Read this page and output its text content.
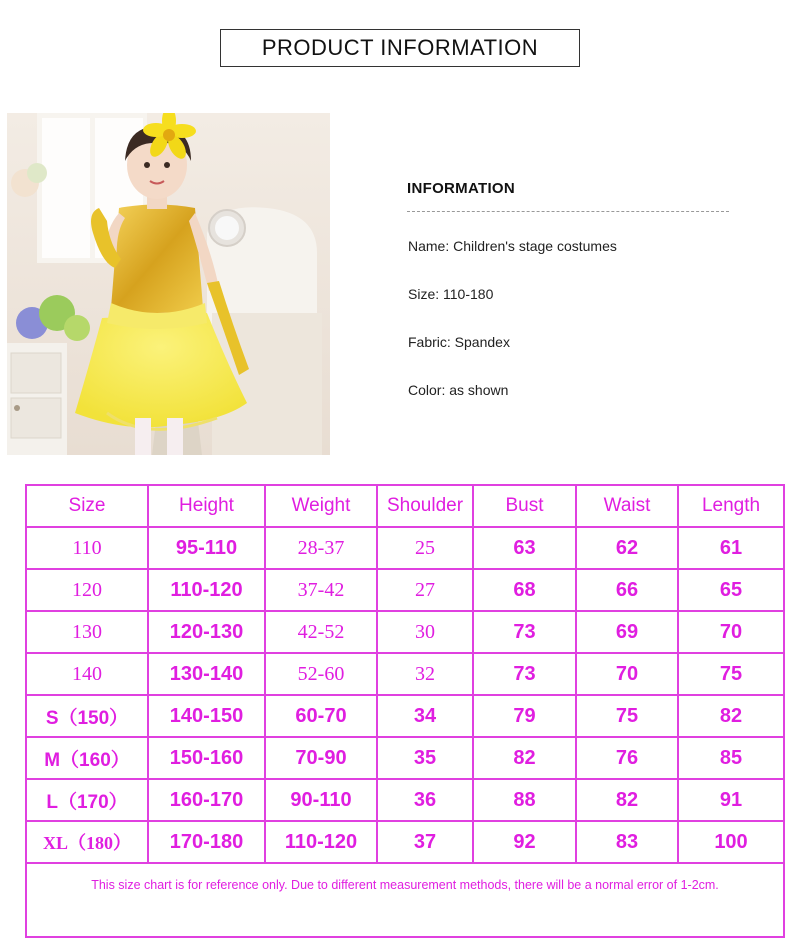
PRODUCT INFORMATION
INFORMATION
Name: Children's stage costumes
Size: 110-180
Fabric: Spandex
Color: as shown
Size	Height	Weight	Shoulder	Bust	Waist	Length
110	95-110	28-37	25	63	62	61
120	110-120	37-42	27	68	66	65
130	120-130	42-52	30	73	69	70
140	130-140	52-60	32	73	70	75
S（150）	140-150	60-70	34	79	75	82
M（160）	150-160	70-90	35	82	76	85
L（170）	160-170	90-110	36	88	82	91
XL（180）	170-180	110-120	37	92	83	100
This size chart is for reference only. Due to different measurement methods, there will be a normal error of 1-2cm.						
